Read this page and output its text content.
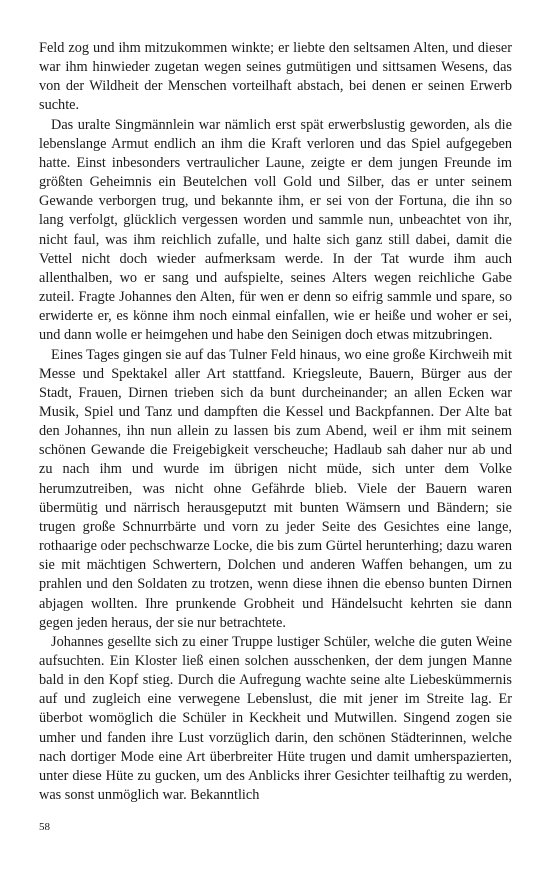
Feld zog und ihm mitzukommen winkte; er liebte den seltsamen Alten, und dieser war ihm hinwieder zugetan wegen seines gutmütigen und sittsamen Wesens, das von der Wildheit der Menschen vorteilhaft abstach, bei denen er seinen Erwerb suchte.

Das uralte Singmännlein war nämlich erst spät erwerbslustig geworden, als die lebenslange Armut endlich an ihm die Kraft verloren und das Spiel aufgegeben hatte. Einst inbesonders vertraulicher Laune, zeigte er dem jungen Freunde im größten Geheimnis ein Beutelchen voll Gold und Silber, das er unter seinem Gewande verborgen trug, und bekannte ihm, er sei von der Fortuna, die ihn so lang verfolgt, glücklich vergessen worden und sammle nun, unbeachtet von ihr, nicht faul, was ihm reichlich zufalle, und halte sich ganz still dabei, damit die Vettel nicht doch wieder aufmerksam werde. In der Tat wurde ihm auch allenthalben, wo er sang und aufspielte, seines Alters wegen reichliche Gabe zuteil. Fragte Johannes den Alten, für wen er denn so eifrig sammle und spare, so erwiderte er, es könne ihm noch einmal einfallen, wie er heiße und woher er sei, und dann wolle er heimgehen und habe den Seinigen doch etwas mitzubringen.

Eines Tages gingen sie auf das Tulner Feld hinaus, wo eine große Kirchweih mit Messe und Spektakel aller Art stattfand. Kriegsleute, Bauern, Bürger aus der Stadt, Frauen, Dirnen trieben sich da bunt durcheinander; an allen Ecken war Musik, Spiel und Tanz und dampften die Kessel und Backpfannen. Der Alte bat den Johannes, ihn nun allein zu lassen bis zum Abend, weil er ihm mit seinem schönen Gewande die Freigebigkeit verscheuche; Hadlaub sah daher nur ab und zu nach ihm und wurde im übrigen nicht müde, sich unter dem Volke herumzutreiben, was nicht ohne Gefährde blieb. Viele der Bauern waren übermütig und närrisch herausgeputzt mit bunten Wämsern und Bändern; sie trugen große Schnurrbärte und vorn zu jeder Seite des Gesichtes eine lange, rothaarige oder pechschwarze Locke, die bis zum Gürtel herunterhing; dazu waren sie mit mächtigen Schwertern, Dolchen und anderen Waffen behangen, um zu prahlen und den Soldaten zu trotzen, wenn diese ihnen die ebenso bunten Dirnen abjagen wollten. Ihre prunkende Grobheit und Händelsucht kehrten sie dann gegen jeden heraus, der sie nur betrachtete.

Johannes gesellte sich zu einer Truppe lustiger Schüler, welche die guten Weine aufsuchten. Ein Kloster ließ einen solchen ausschenken, der dem jungen Manne bald in den Kopf stieg. Durch die Aufregung wachte seine alte Liebeskümmernis auf und zugleich eine verwegene Lebenslust, die mit jener im Streite lag. Er überbot womöglich die Schüler in Keckheit und Mutwillen. Singend zogen sie umher und fanden ihre Lust vorzüglich darin, den schönen Städterinnen, welche nach dortiger Mode eine Art überbreiter Hüte trugen und damit umherspazierten, unter diese Hüte zu gucken, um des Anblicks ihrer Gesichter teilhaftig zu werden, was sonst unmöglich war. Bekanntlich

58
